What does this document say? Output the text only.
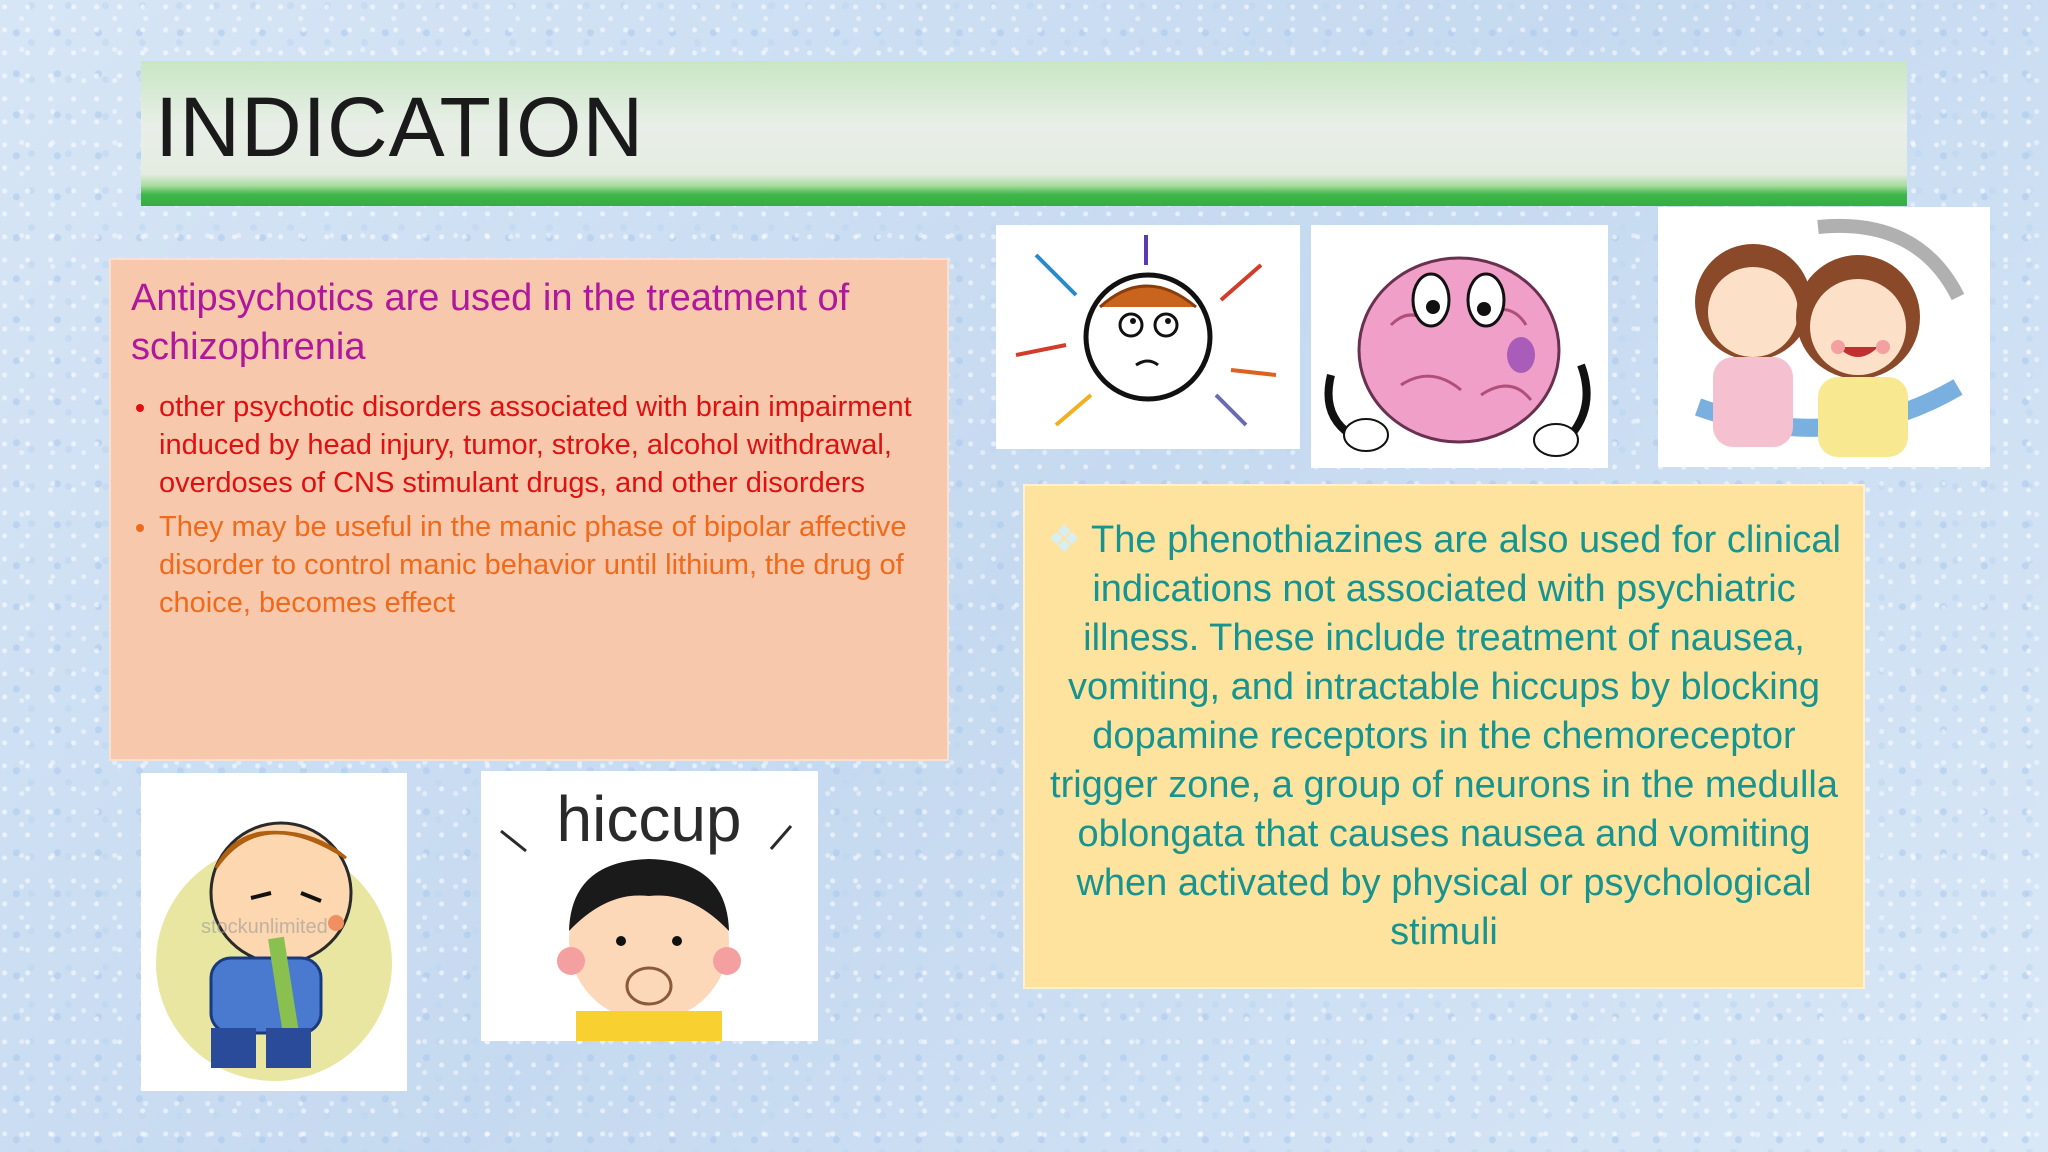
INDICATION

Antipsychotics are used in the treatment of schizophrenia

• other psychotic disorders associated with brain impairment induced by head injury, tumor, stroke, alcohol withdrawal, overdoses of CNS stimulant drugs, and other disorders
• They may be useful in the manic phase of bipolar affective disorder to control manic behavior until lithium, the drug of choice, becomes effect
❖ The phenothiazines are also used for clinical indications not associated with psychiatric illness. These include treatment of nausea, vomiting, and intractable hiccups by blocking dopamine receptors in the chemoreceptor trigger zone, a group of neurons in the medulla oblongata that causes nausea and vomiting when activated by physical or psychological stimuli
stockunlimited
hiccup
